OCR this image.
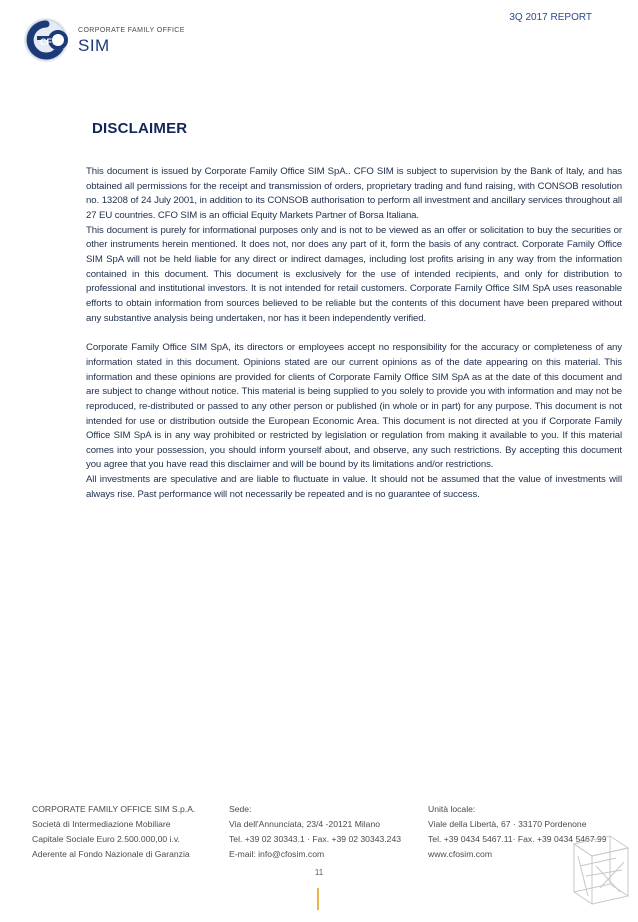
CFO
CORPORATE FAMILY OFFICE
SIM
3Q 2017 REPORT
DISCLAIMER

This document is issued by Corporate Family Office SIM SpA.. CFO SIM is subject to supervision by the Bank of Italy, and has obtained all permissions for the receipt and transmission of orders, proprietary trading and fund raising, with CONSOB resolution no. 13208 of 24 July 2001, in addition to its CONSOB authorisation to perform all investment and ancillary services throughout all 27 EU countries. CFO SIM is an official Equity Markets Partner of Borsa Italiana.

This document is purely for informational purposes only and is not to be viewed as an offer or solicitation to buy the securities or other instruments herein mentioned. It does not, nor does any part of it, form the basis of any contract. Corporate Family Office SIM SpA will not be held liable for any direct or indirect damages, including lost profits arising in any way from the information contained in this document. This document is exclusively for the use of intended recipients, and only for distribution to professional and institutional investors. It is not intended for retail customers. Corporate Family Office SIM SpA uses reasonable efforts to obtain information from sources believed to be reliable but the contents of this document have been prepared without any substantive analysis being undertaken, nor has it been independently verified.

Corporate Family Office SIM SpA, its directors or employees accept no responsibility for the accuracy or completeness of any information stated in this document. Opinions stated are our current opinions as of the date appearing on this material. This information and these opinions are provided for clients of Corporate Family Office SIM SpA as at the date of this document and are subject to change without notice. This material is being supplied to you solely to provide you with information and may not be reproduced, re-distributed or passed to any other person or published (in whole or in part) for any purpose. This document is not intended for use or distribution outside the European Economic Area. This document is not directed at you if Corporate Family Office SIM SpA is in any way prohibited or restricted by legislation or regulation from making it available to you. If this material comes into your possession, you should inform yourself about, and observe, any such restrictions. By accepting this document you agree that you have read this disclaimer and will be bound by its limitations and/or restrictions.

All investments are speculative and are liable to fluctuate in value. It should not be assumed that the value of investments will always rise. Past performance will not necessarily be repeated and is no guarantee of success.

CORPORATE FAMILY OFFICE SIM S.p.A.
Società di Intermediazione Mobiliare
Capitale Sociale Euro 2.500.000,00 i.v.
Aderente al Fondo Nazionale di Garanzia
Sede:
Via dell'Annunciata, 23/4 -20121 Milano
Tel. +39 02 30343.1 · Fax. +39 02 30343.243
E-mail: info@cfosim.com
Unità locale:
Viale della Libertà, 67 · 33170 Pordenone
Tel. +39 0434 5467.11· Fax. +39 0434 5467.99
www.cfosim.com
11
